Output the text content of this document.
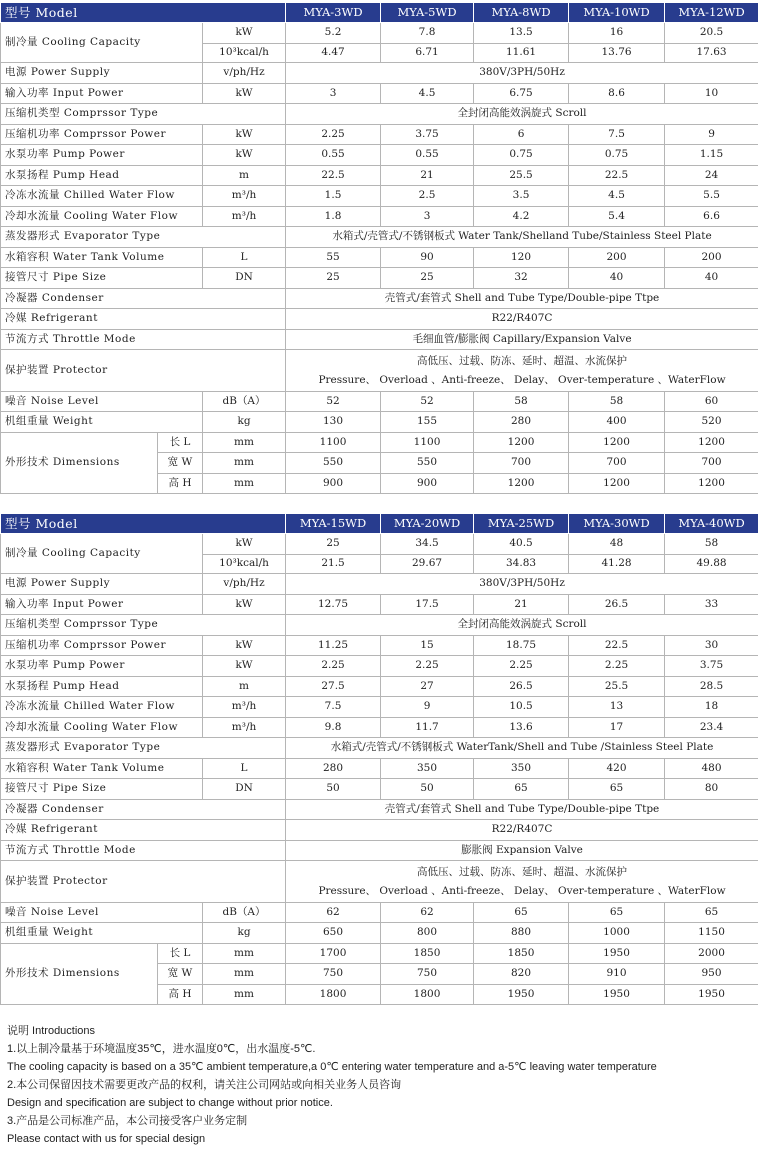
型号 Model			MYA-3WD	MYA-5WD	MYA-8WD	MYA-10WD	MYA-12WD
制冷量 Cooling Capacity		kW	5.2	7.8	13.5	16	20.5
		10³kcal/h	4.47	6.71	11.61	13.76	17.63
电源 Power Supply		v/ph/Hz	380V/3PH/50Hz				
输入功率 Input Power		kW	3	4.5	6.75	8.6	10
压缩机类型 Comprssor Type			全封闭高能效涡旋式 Scroll				
压缩机功率 Comprssor Power		kW	2.25	3.75	6	7.5	9
水泵功率 Pump Power		kW	0.55	0.55	0.75	0.75	1.15
水泵扬程 Pump Head		m	22.5	21	25.5	22.5	24
冷冻水流量 Chilled Water Flow		m³/h	1.5	2.5	3.5	4.5	5.5
冷却水流量 Cooling Water Flow		m³/h	1.8	3	4.2	5.4	6.6
蒸发器形式 Evaporator Type			水箱式/壳管式/不锈钢板式 Water Tank/Shelland Tube/Stainless Steel Plate				
水箱容积 Water Tank Volume		L	55	90	120	200	200
接管尺寸 Pipe Size		DN	25	25	32	40	40
冷凝器 Condenser			壳管式/套管式 Shell and Tube Type/Double-pipe Ttpe				
冷媒 Refrigerant			R22/R407C				
节流方式 Throttle Mode			毛细血管/膨胀阀 Capillary/Expansion Valve				
保护装置 Protector			高低压、过载、防冻、延时、超温、水流保护
Pressure、 Overload 、Anti-freeze、 Delay、 Over-temperature 、WaterFlow				

噪音 Noise Level		dB（A）	52	52	58	58	60
机组重量 Weight		kg	130	155	280	400	520
外形技术 Dimensions	长 L	mm	1100	1100	1200	1200	1200
	宽 W	mm	550	550	700	700	700
	高 H	mm	900	900	1200	1200	1200
型号 Model			MYA-15WD	MYA-20WD	MYA-25WD	MYA-30WD	MYA-40WD
制冷量 Cooling Capacity		kW	25	34.5	40.5	48	58
		10³kcal/h	21.5	29.67	34.83	41.28	49.88
电源 Power Supply		v/ph/Hz	380V/3PH/50Hz				
输入功率 Input Power		kW	12.75	17.5	21	26.5	33
压缩机类型 Comprssor Type			全封闭高能效涡旋式 Scroll				
压缩机功率 Comprssor Power		kW	11.25	15	18.75	22.5	30
水泵功率 Pump Power		kW	2.25	2.25	2.25	2.25	3.75
水泵扬程 Pump Head		m	27.5	27	26.5	25.5	28.5
冷冻水流量 Chilled Water Flow		m³/h	7.5	9	10.5	13	18
冷却水流量 Cooling Water Flow		m³/h	9.8	11.7	13.6	17	23.4
蒸发器形式 Evaporator Type			水箱式/壳管式/不锈钢板式 WaterTank/Shell and Tube /Stainless Steel Plate				
水箱容积 Water Tank Volume		L	280	350	350	420	480
接管尺寸 Pipe Size		DN	50	50	65	65	80
冷凝器 Condenser			壳管式/套管式 Shell and Tube Type/Double-pipe Ttpe				
冷媒 Refrigerant			R22/R407C				
节流方式 Throttle Mode			膨胀阀 Expansion Valve				
保护装置 Protector			高低压、过载、防冻、延时、超温、水流保护
Pressure、 Overload 、Anti-freeze、 Delay、 Over-temperature 、WaterFlow				

噪音 Noise Level		dB（A）	62	62	65	65	65
机组重量 Weight		kg	650	800	880	1000	1150
外形技术 Dimensions	长 L	mm	1700	1850	1850	1950	2000
	宽 W	mm	750	750	820	910	950
	高 H	mm	1800	1800	1950	1950	1950
说明 Introductions
1.以上制冷量基于环境温度35℃，进水温度0℃，出水温度-5℃.
The cooling capacity is based on a 35℃ ambient temperature,a 0℃ entering water temperature and a-5℃ leaving water temperature
2.本公司保留因技术需要更改产品的权利，请关注公司网站或向相关业务人员咨询
Design and specification are subject to change without prior notice.
3.产品是公司标准产品，本公司接受客户业务定制
Please contact with us for special design
